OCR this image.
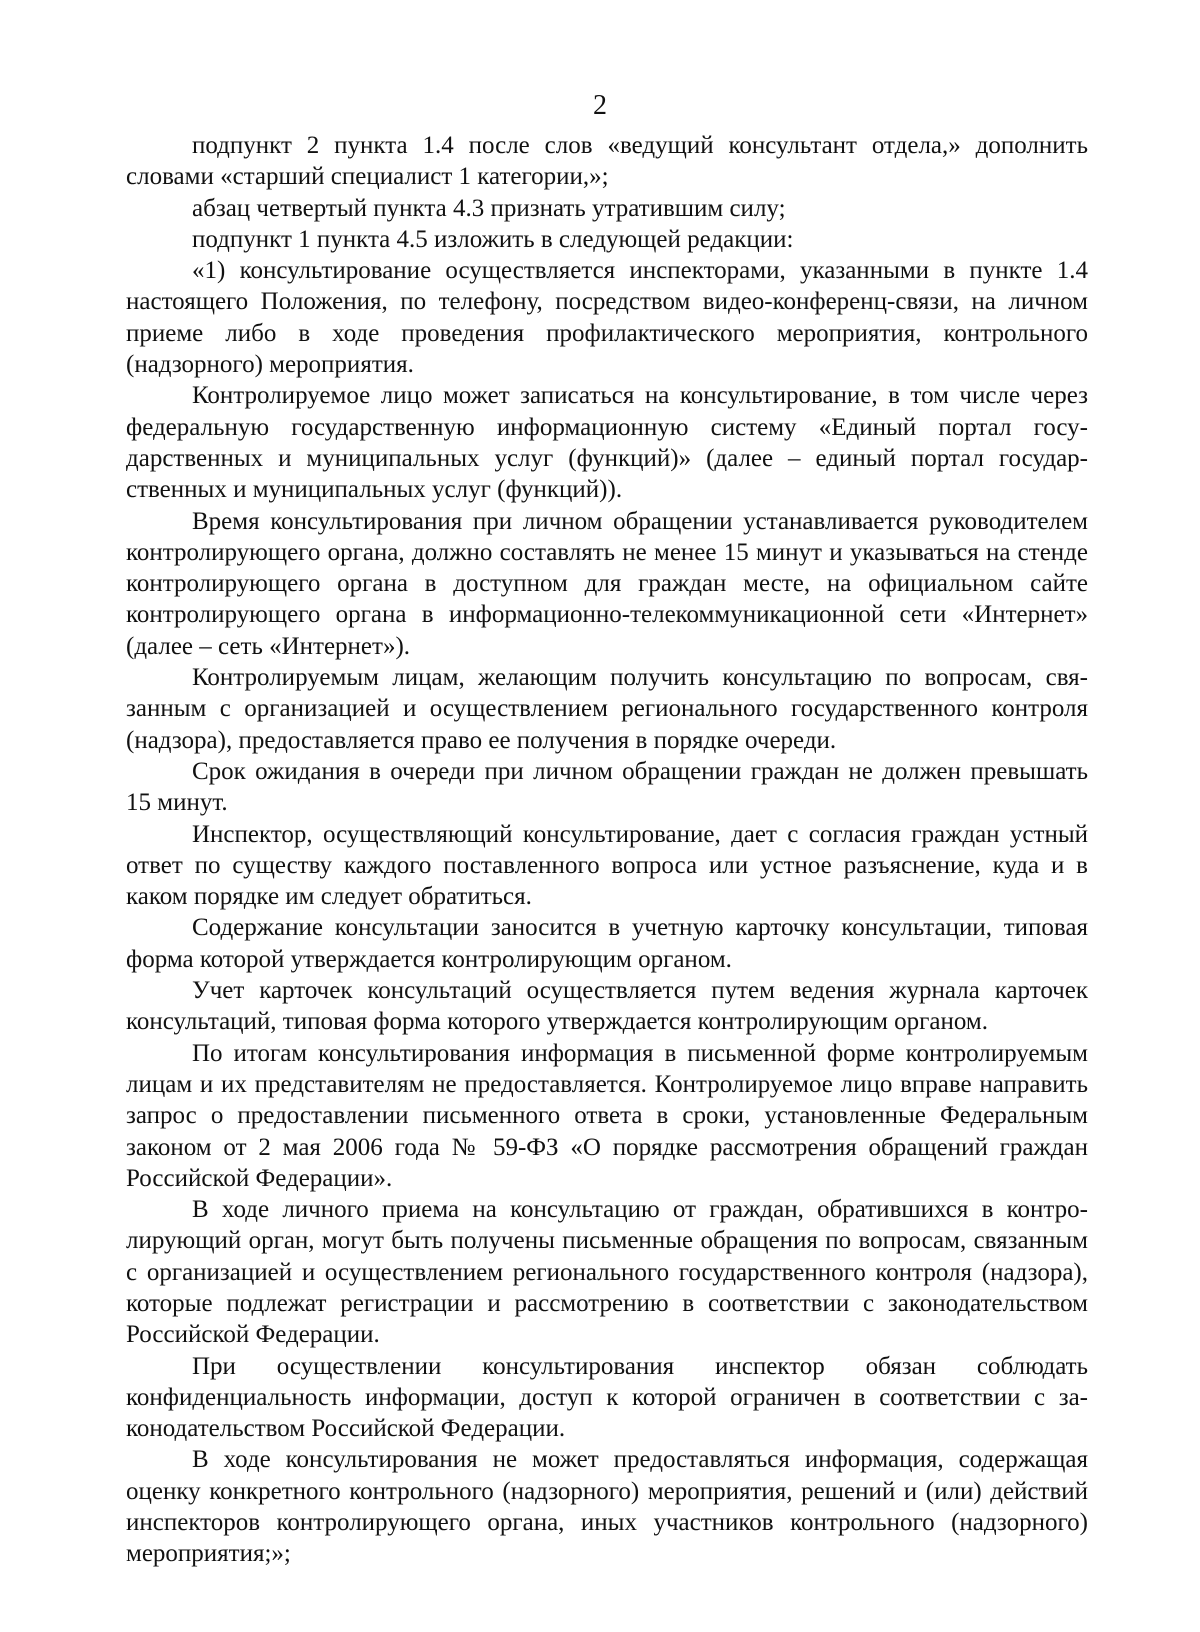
2

подпункт 2 пункта 1.4 после слов «ведущий консультант отдела,» дополнить словами «старший специалист 1 категории,»;

абзац четвертый пункта 4.3 признать утратившим силу;

подпункт 1 пункта 4.5 изложить в следующей редакции:

«1) консультирование осуществляется инспекторами, указанными в пункте 1.4 настоящего Положения, по телефону, посредством видео-конференц-связи, на личном приеме либо в ходе проведения профилактического мероприятия, контрольного (надзорного) мероприятия.

Контролируемое лицо может записаться на консультирование, в том числе через федеральную государственную информационную систему «Единый портал государственных и муниципальных услуг (функций)» (далее – единый портал государственных и муниципальных услуг (функций)).

Время консультирования при личном обращении устанавливается руководителем контролирующего органа, должно составлять не менее 15 минут и указываться на стенде контролирующего органа в доступном для граждан месте, на официальном сайте контролирующего органа в информационно-телекоммуникационной сети «Интернет» (далее – сеть «Интернет»).

Контролируемым лицам, желающим получить консультацию по вопросам, связанным с организацией и осуществлением регионального государственного контроля (надзора), предоставляется право ее получения в порядке очереди.

Срок ожидания в очереди при личном обращении граждан не должен превышать 15 минут.

Инспектор, осуществляющий консультирование, дает с согласия граждан устный ответ по существу каждого поставленного вопроса или устное разъяснение, куда и в каком порядке им следует обратиться.

Содержание консультации заносится в учетную карточку консультации, типовая форма которой утверждается контролирующим органом.

Учет карточек консультаций осуществляется путем ведения журнала карточек консультаций, типовая форма которого утверждается контролирующим органом.

По итогам консультирования информация в письменной форме контролируемым лицам и их представителям не предоставляется. Контролируемое лицо вправе направить запрос о предоставлении письменного ответа в сроки, установленные Федеральным законом от 2 мая 2006 года № 59-ФЗ «О порядке рассмотрения обращений граждан Российской Федерации».

В ходе личного приема на консультацию от граждан, обратившихся в контролирующий орган, могут быть получены письменные обращения по вопросам, связанным с организацией и осуществлением регионального государственного контроля (надзора), которые подлежат регистрации и рассмотрению в соответствии с законодательством Российской Федерации.

При осуществлении консультирования инспектор обязан соблюдать конфиденциальность информации, доступ к которой ограничен в соответствии с законодательством Российской Федерации.

В ходе консультирования не может предоставляться информация, содержащая оценку конкретного контрольного (надзорного) мероприятия, решений и (или) действий инспекторов контролирующего органа, иных участников контрольного (надзорного) мероприятия;»;
